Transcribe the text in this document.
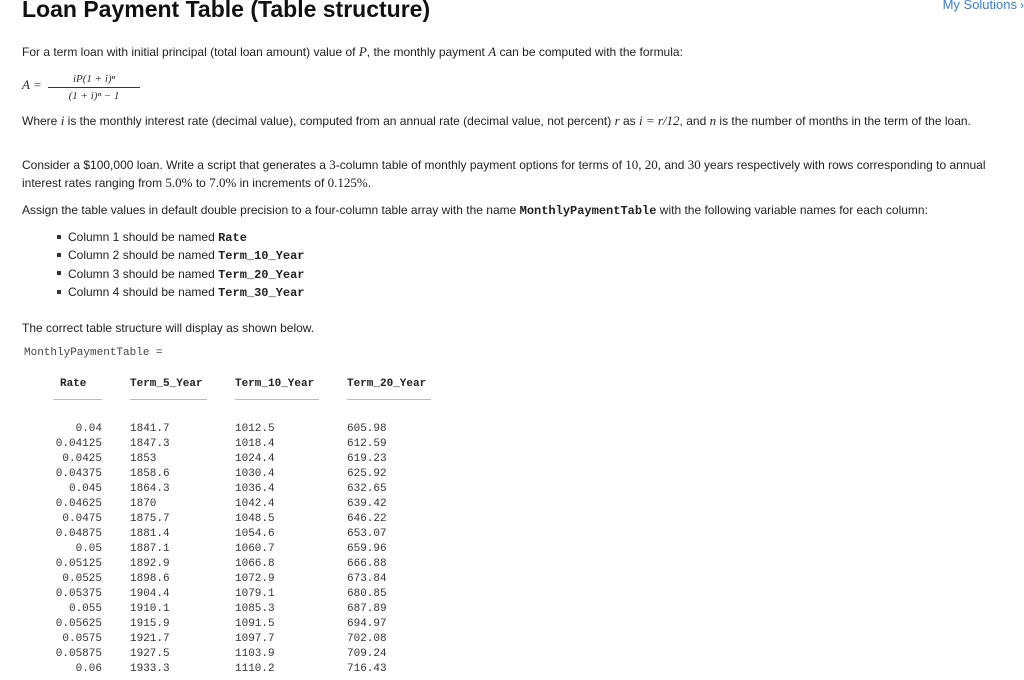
Loan Payment Table (Table structure)	My Solutions ›

For a term loan with initial principal (total loan amount) value of P, the monthly payment A can be computed with the formula:

A =	iP(1 + i)ⁿ
(1 + i)ⁿ − 1

Where i is the monthly interest rate (decimal value), computed from an annual rate (decimal value, not percent) r as i = r/12, and n is the number of months in the term of the loan.

Consider a $100,000 loan. Write a script that generates a 3-column table of monthly payment options for terms of 10, 20, and 30 years respectively with rows corresponding to annual interest rates ranging from 5.0% to 7.0% in increments of 0.125%.

Assign the table values in default double precision to a four-column table array with the name MonthlyPaymentTable with the following variable names for each column:

Column 1 should be named Rate
Column 2 should be named Term_10_Year
Column 3 should be named Term_20_Year
Column 4 should be named Term_30_Year

The correct table structure will display as shown below.

MonthlyPaymentTable =
Rate
0.04
0.04125
0.0425
0.04375
0.045
0.04625
0.0475
0.04875
0.05
0.05125
0.0525
0.05375
0.055
0.05625
0.0575
0.05875
0.06
Term_5_Year
1841.7
1847.3
1853
1858.6
1864.3
1870
1875.7
1881.4
1887.1
1892.9
1898.6
1904.4
1910.1
1915.9
1921.7
1927.5
1933.3
Term_10_Year
1012.5
1018.4
1024.4
1030.4
1036.4
1042.4
1048.5
1054.6
1060.7
1066.8
1072.9
1079.1
1085.3
1091.5
1097.7
1103.9
1110.2
Term_20_Year
605.98
612.59
619.23
625.92
632.65
639.42
646.22
653.07
659.96
666.88
673.84
680.85
687.89
694.97
702.08
709.24
716.43
